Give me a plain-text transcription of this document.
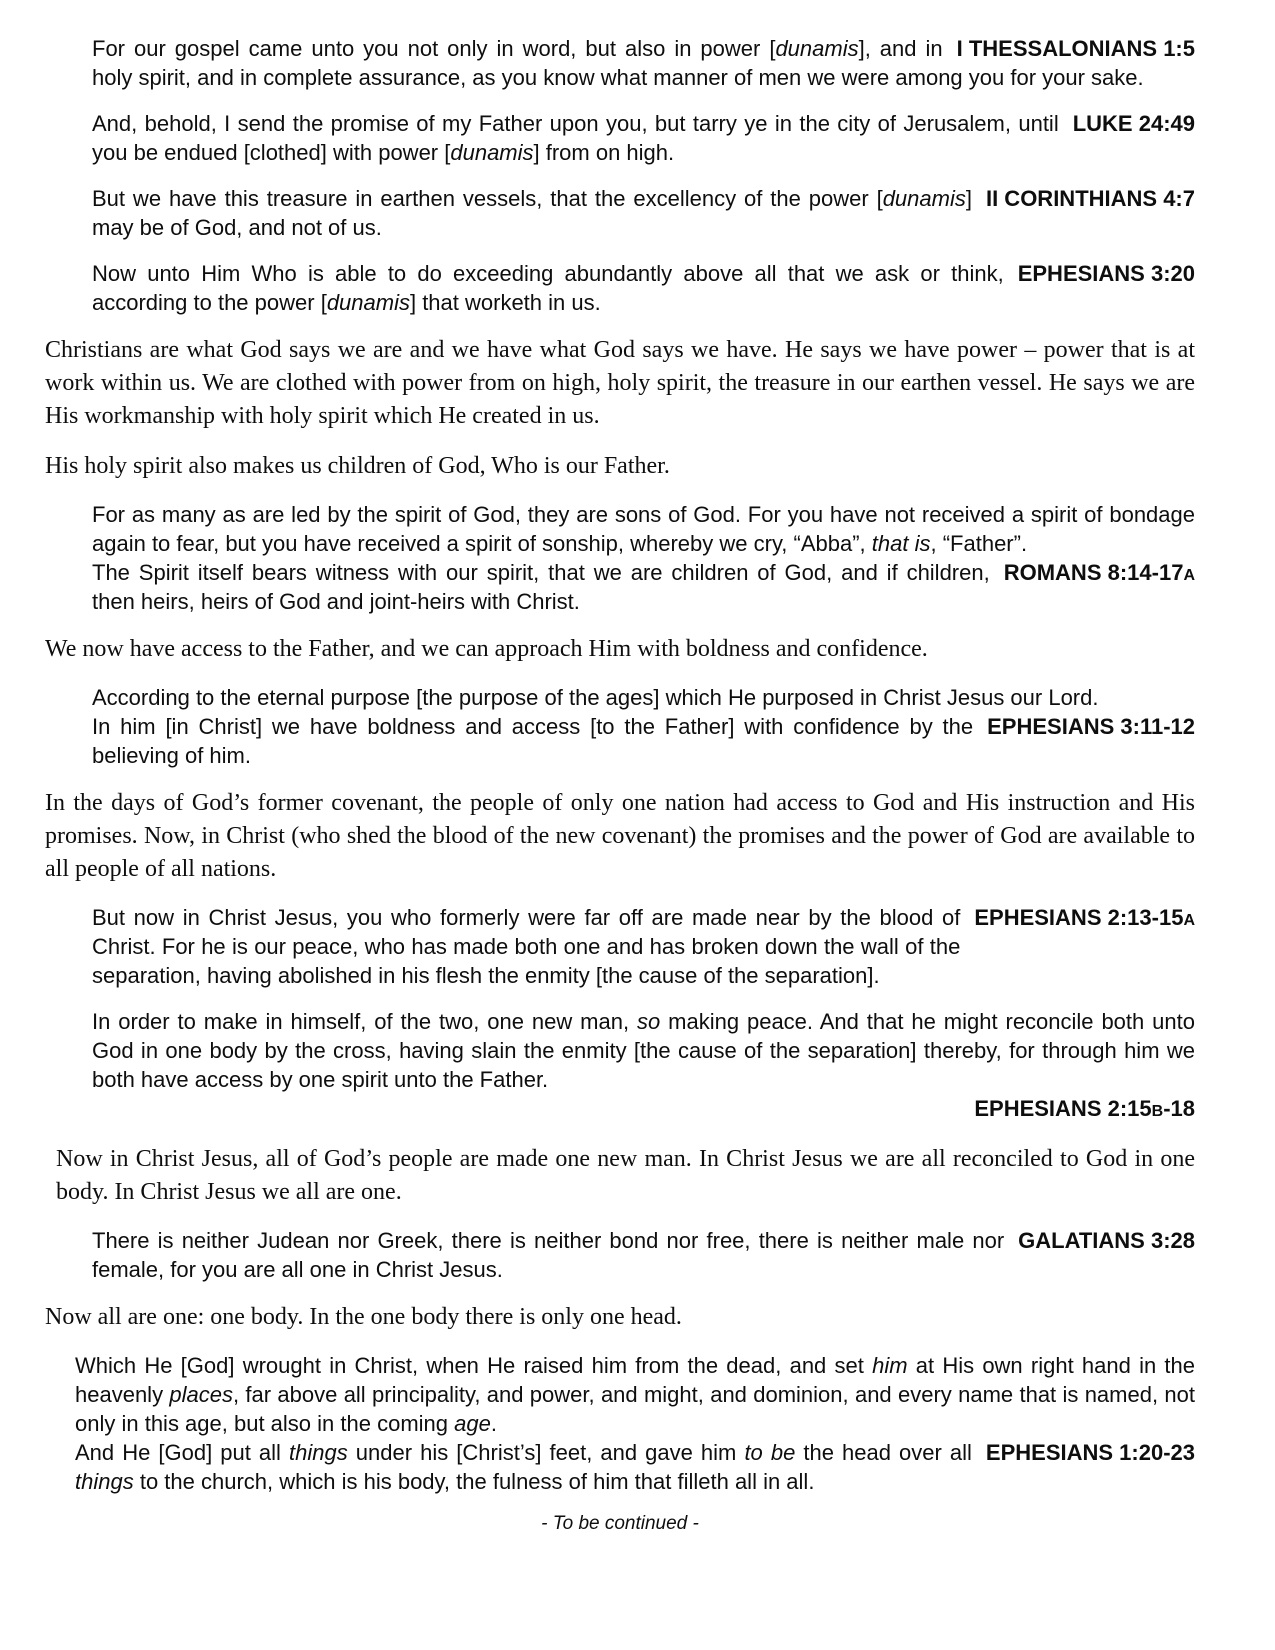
I THESSALONIANS 1:5
For our gospel came unto you not only in word, but also in power [dunamis], and in holy spirit, and in complete assurance, as you know what manner of men we were among you for your sake.

LUKE 24:49
And, behold, I send the promise of my Father upon you, but tarry ye in the city of Jerusalem, until you be endued [clothed] with power [dunamis] from on high.

II CORINTHIANS 4:7
But we have this treasure in earthen vessels, that the excellency of the power [dunamis] may be of God, and not of us.

EPHESIANS 3:20
Now unto Him Who is able to do exceeding abundantly above all that we ask or think, according to the power [dunamis] that worketh in us.

Christians are what God says we are and we have what God says we have. He says we have power – power that is at work within us. We are clothed with power from on high, holy spirit, the treasure in our earthen vessel. He says we are His workmanship with holy spirit which He created in us.

His holy spirit also makes us children of God, Who is our Father.

For as many as are led by the spirit of God, they are sons of God. For you have not received a spirit of bondage again to fear, but you have received a spirit of sonship, whereby we cry, “Abba”, that is, “Father”.

ROMANS 8:14-17A
The Spirit itself bears witness with our spirit, that we are children of God, and if children, then heirs, heirs of God and joint-heirs with Christ.

We now have access to the Father, and we can approach Him with boldness and confidence.

According to the eternal purpose [the purpose of the ages] which He purposed in Christ Jesus our Lord.

EPHESIANS 3:11-12
In him [in Christ] we have boldness and access [to the Father] with confidence by the believing of him.

In the days of God’s former covenant, the people of only one nation had access to God and His instruction and His promises. Now, in Christ (who shed the blood of the new covenant) the promises and the power of God are available to all people of all nations.

EPHESIANS 2:13-15A
But now in Christ Jesus, you who formerly were far off are made near by the blood of Christ. For he is our peace, who has made both one and has broken down the wall of the separation, having abolished in his flesh the enmity [the cause of the separation].

In order to make in himself, of the two, one new man, so making peace. And that he might reconcile both unto God in one body by the cross, having slain the enmity [the cause of the separation] thereby, for through him we both have access by one spirit unto the Father.

EPHESIANS 2:15B-18

Now in Christ Jesus, all of God’s people are made one new man. In Christ Jesus we are all reconciled to God in one body. In Christ Jesus we all are one.

GALATIANS 3:28
There is neither Judean nor Greek, there is neither bond nor free, there is neither male nor female, for you are all one in Christ Jesus.

Now all are one: one body. In the one body there is only one head.

Which He [God] wrought in Christ, when He raised him from the dead, and set him at His own right hand in the heavenly places, far above all principality, and power, and might, and dominion, and every name that is named, not only in this age, but also in the coming age.

EPHESIANS 1:20-23
And He [God] put all things under his [Christ’s] feet, and gave him to be the head over all things to the church, which is his body, the fulness of him that filleth all in all.

- To be continued -
